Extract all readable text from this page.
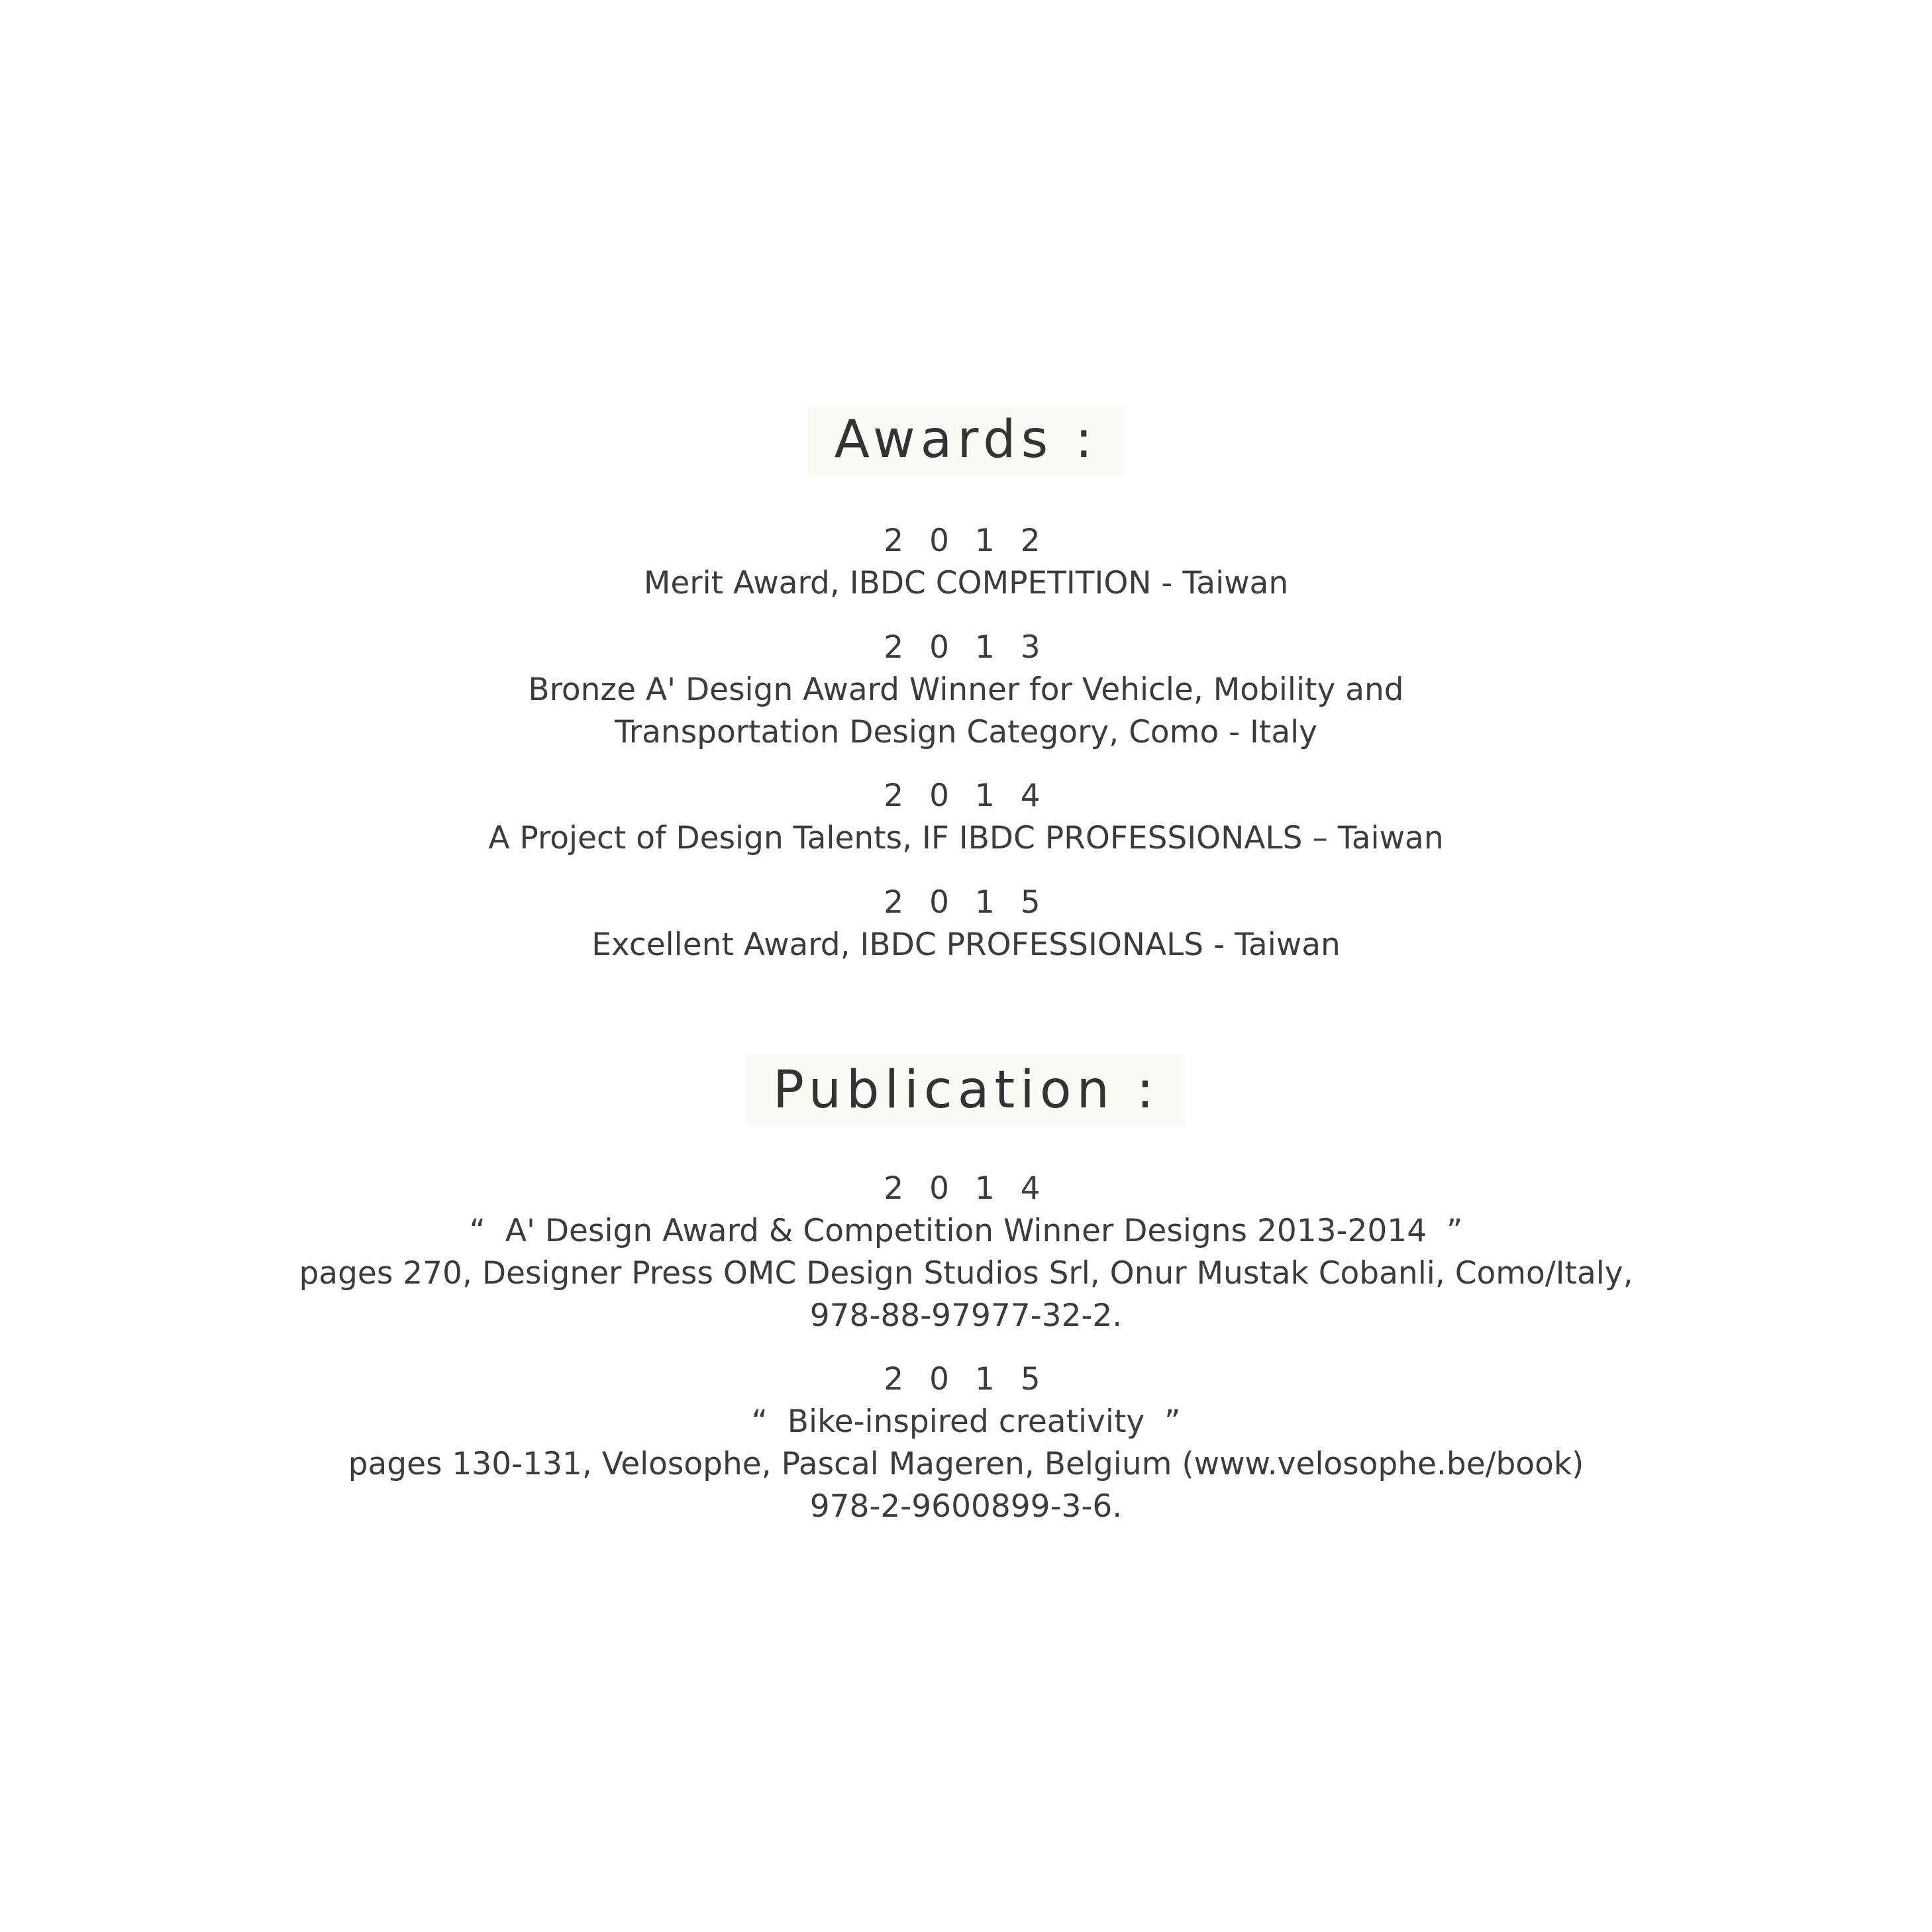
Awards :
2 0 1 2
Merit Award, IBDC COMPETITION - Taiwan
2 0 1 3
Bronze A' Design Award Winner for Vehicle, Mobility and
Transportation Design Category, Como - Italy
2 0 1 4
A Project of Design Talents, IF IBDC PROFESSIONALS – Taiwan
2 0 1 5
Excellent Award, IBDC PROFESSIONALS - Taiwan
Publication :
2 0 1 4
“  A' Design Award & Competition Winner Designs 2013-2014  ”
pages 270, Designer Press OMC Design Studios Srl, Onur Mustak Cobanli, Como/Italy,
978-88-97977-32-2.
2 0 1 5
“  Bike-inspired creativity  ”
pages 130-131, Velosophe, Pascal Mageren, Belgium (www.velosophe.be/book)
978-2-9600899-3-6.
